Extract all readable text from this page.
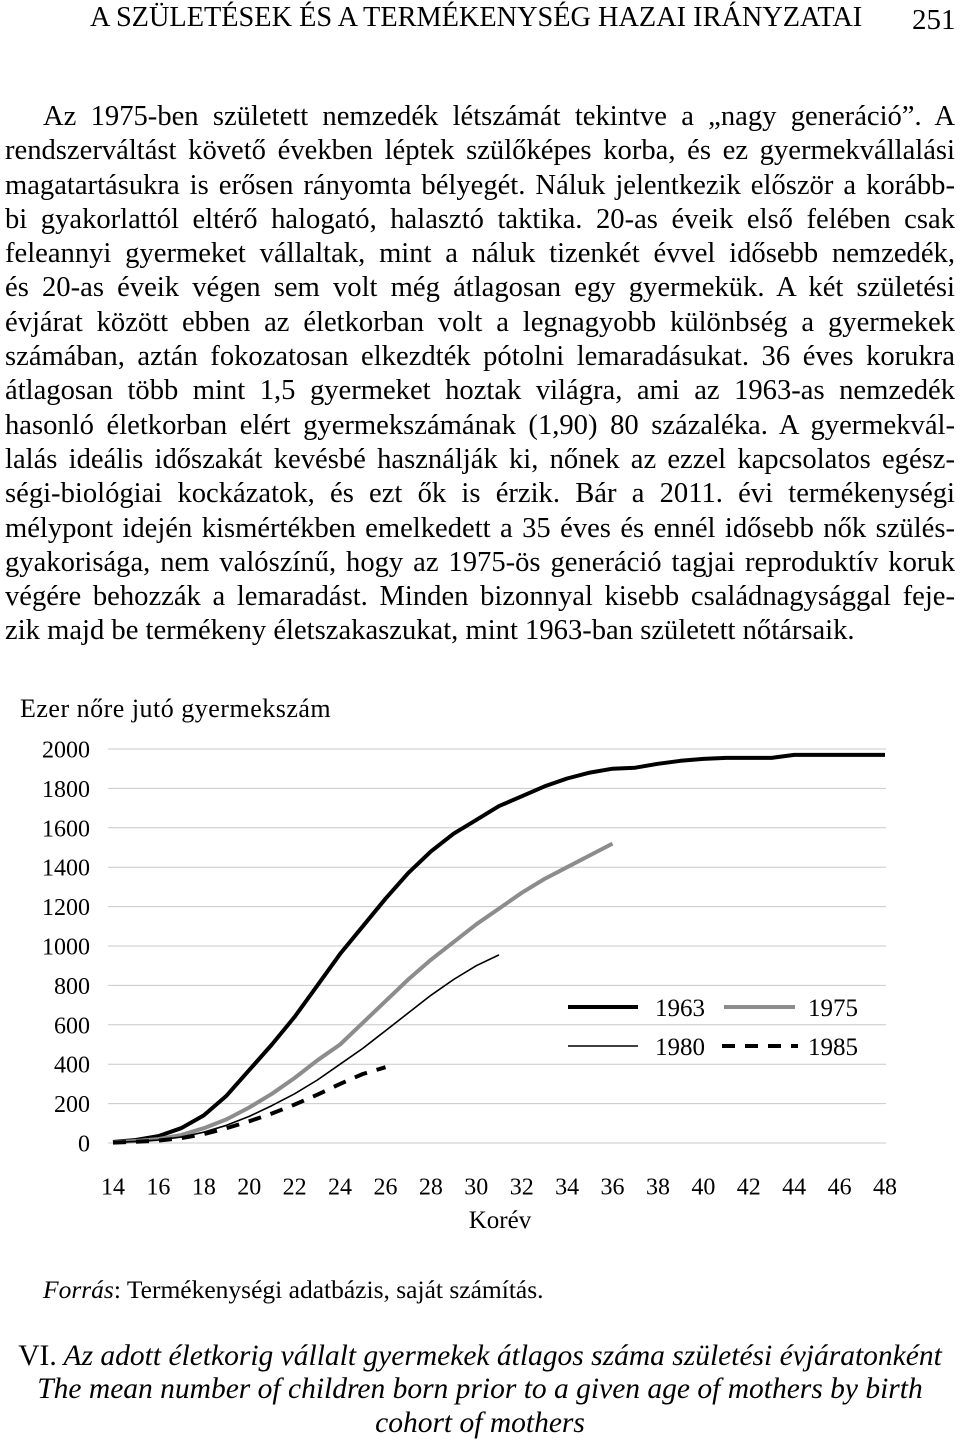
A SZÜLETÉSEK ÉS A TERMÉKENYSÉG HAZAI IRÁNYZATAI 251
Az 1975-ben született nemzedék létszámát tekintve a „nagy generáció”. A
rendszerváltást követő években léptek szülőképes korba, és ez gyermekvállalási
magatartásukra is erősen rányomta bélyegét. Náluk jelentkezik először a korább-
bi gyakorlattól eltérő halogató, halasztó taktika. 20-as éveik első felében csak
feleannyi gyermeket vállaltak, mint a náluk tizenkét évvel idősebb nemzedék,
és 20-as éveik végen sem volt még átlagosan egy gyermekük. A két születési
évjárat között ebben az életkorban volt a legnagyobb különbség a gyermekek
számában, aztán fokozatosan elkezdték pótolni lemaradásukat. 36 éves korukra
átlagosan több mint 1,5 gyermeket hoztak világra, ami az 1963-as nemzedék
hasonló életkorban elért gyermekszámának (1,90) 80 százaléka. A gyermekvál-
lalás ideális időszakát kevésbé használják ki, nőnek az ezzel kapcsolatos egész-
ségi-biológiai kockázatok, és ezt ők is érzik. Bár a 2011. évi termékenységi
mélypont idején kismértékben emelkedett a 35 éves és ennél idősebb nők szülés-
gyakorisága, nem valószínű, hogy az 1975-ös generáció tagjai reproduktív koruk
végére behozzák a lemaradást. Minden bizonnyal kisebb családnagysággal feje-
zik majd be termékeny életszakaszukat, mint 1963-ban született nőtársaik.
Ezer nőre jutó gyermekszám
0
200
400
600
800
1000
1200
1400
1600
1800
2000
14 16 18 20 22 24 26 28 30 32 34 36 38 40 42 44 46 48
1963	1975
1980	1985
Korév
Forrás: Termékenységi adatbázis, saját számítás.
VI. Az adott életkorig vállalt gyermekek átlagos száma születési évjáratonként
The mean number of children born prior to a given age of mothers by birth
cohort of mothers
